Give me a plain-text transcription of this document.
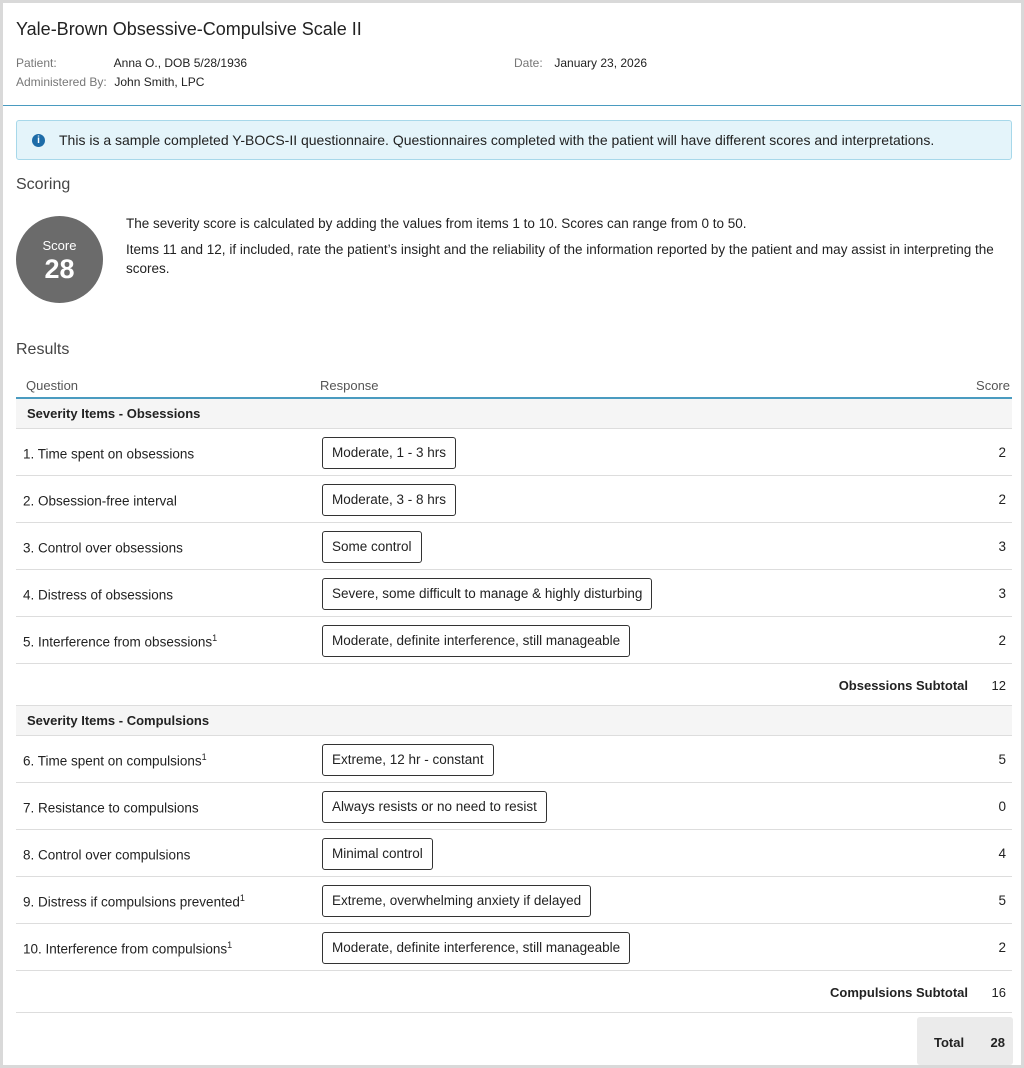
Yale-Brown Obsessive-Compulsive Scale II
Patient:	Anna O., DOB 5/28/1936
Administered By: John Smith, LPC
Date: January 23, 2026
i	This is a sample completed Y-BOCS-II questionnaire. Questionnaires completed with the patient will have different scores and interpretations.
Scoring
Score
28
The severity score is calculated by adding the values from items 1 to 10. Scores can range from 0 to 50.
Items 11 and 12, if included, rate the patient’s insight and the reliability of the information reported by the patient and may assist in interpreting the scores.
Results
Question	Response	Score
Severity Items - Obsessions
1. Time spent on obsessions	Moderate, 1 - 3 hrs	2
2. Obsession-free interval	Moderate, 3 - 8 hrs	2
3. Control over obsessions	Some control	3
4. Distress of obsessions	Severe, some difficult to manage & highly disturbing	3
5. Interference from obsessions$^1$	Moderate, definite interference, still manageable	2
Obsessions Subtotal 12
Severity Items - Compulsions
6. Time spent on compulsions$^1$	Extreme, 12 hr - constant	5
7. Resistance to compulsions	Always resists or no need to resist	0
8. Control over compulsions	Minimal control	4
9. Distress if compulsions prevented$^1$	Extreme, overwhelming anxiety if delayed	5
10. Interference from compulsions$^1$	Moderate, definite interference, still manageable	2
Compulsions Subtotal 16
Total 28
